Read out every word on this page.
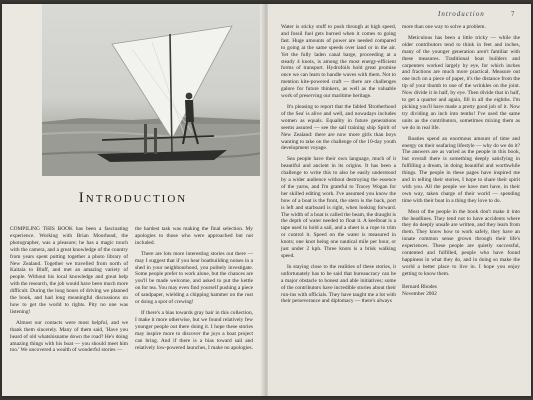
Introduction

COMPILING THIS BOOK has been a fascinating experience. Working with Brian Moorhead, the photographer, was a pleasure; he has a magic touch with the camera, and a great knowledge of the country from years spent putting together a photo library of New Zealand. Together we travelled from north of Kaitaia to Bluff, and met an amazing variety of people. Without his local knowledge and great help with the research, the job would have been much more difficult. During the long hours of driving we planned the book, and had long meaningful discussions on how to get the world to rights. Pity no one was listening!

Almost our contacts were most helpful, and we thank them sincerely. Many of them said, 'Have you heard of old whatshisname down the road? He's doing amazing things with his boat — you should meet him too.' We uncovered a wealth of wonderful stories —

the hardest task was making the final selection. My apologies to those who were approached but not included.

There are lots more interesting stories out there — may I suggest that if you hear boatbuilding noises in a shed in your neighbourhood, you politely investigate. Some people prefer to work alone, but the chances are you'll be made welcome, and asked to put the kettle on for tea. You may even find yourself pushing a piece of sandpaper, wielding a chipping hammer on the rust or doing a spot of crewing!

If there's a bias towards gray hair in this collection, I make it more otherwise, but we found relatively few younger people out there doing it. I hope these stories may inspire more to discover the joys a boat project can bring. And if there is a bias toward sail and relatively low-powered launches, I make no apologies.

Introduction	7

Water is sticky stuff to push through at high speed, and fossil fuel gets burned when it comes to going fast. Huge amounts of power are needed compared to going at the same speeds over land or in the air. Yet the fully laden canal barge, proceeding at a steady 4 knots, is among the most energy-efficient forms of transport. Hydrofoils hold great promise once we can learn to handle waves with them. Not to mention kite-powered craft — there are challenges galore for future thinkers, as well as the valuable work of preserving our maritime heritage.

It's pleasing to report that the fabled 'Brotherhood of the Sea' is alive and well, and nowadays includes women as equals. Equality in future generations seems assured — see the sail training ship Spirit of New Zealand: there are now more girls than boys wanting to take on the challenge of the 10-day youth development voyage.

Sea people have their own language, much of it beautiful and ancient in its origins. It has been a challenge to write this to also be easily understood by a wider audience without destroying the essence of the yarns, and I'm grateful to Tracey Wogan for her skilled editing work. I've assumed you know the bow of a boat is the front, the stern is the back, port is left and starboard is right, when looking forward. The width of a boat is called the beam, the draught is the depth of water needed to float it. A keelboat is a tape used to hold a sail, and a sheet is a rope to trim or control it. Speed on the water is measured in knots; one knot being one nautical mile per hour, or just under 2 kph. Three knots is a brisk walking speed.

In staying close to the realities of these stories, it unfortunately has to be said that bureaucracy can be a major obstacle to honest and able initiatives; some of the contributors have incredible stories about their run-ins with officials. They have taught me a lot with their perseverance and diplomacy — there's always

more than one way to solve a problem.

Meticulous has been a little tricky — while the older contributors tend to think in feet and inches, many of the younger generation aren't familiar with these measures. Traditional boat builders and carpenters worked largely by eye, for which inches and fractions are much more practical. Measure out one inch on a piece of paper, it's the distance from the tip of your thumb to one of the wrinkles on the joint. Now divide it in half, by eye. Then divide that in half, to get a quarter and again, fill in all the eighths. I'm picking you'll have made a pretty good job of it. Now try dividing an inch into tenths! I've used the same units as the contributors, sometimes mixing them as we do in real life.

Boaties spend an enormous amount of time and energy on their seafaring lifestyle — why do we do it? The answers are as varied as the people in this book, but overall there is something deeply satisfying in fulfilling a dream, in doing beautiful and worthwhile things. The people in these pages have inspired me and in telling their stories, I hope to share their spirit with you. All the people we have met have, in their own way, taken charge of their world — spending time with their boat in a thing they love to do.

Most of the people in the book don't make it into the headlines. They tend not to have accidents where they do deeply unsafe are written, and they learn from them. They know how to work safely, they have an innate common sense grown through their life's experiences. These people are quietly successful, contented and fulfilled, people who have found happiness in what they do, and in doing so make the world a better place to live in. I hope you enjoy getting to know them.

Bernard Rhodes
November 2002
